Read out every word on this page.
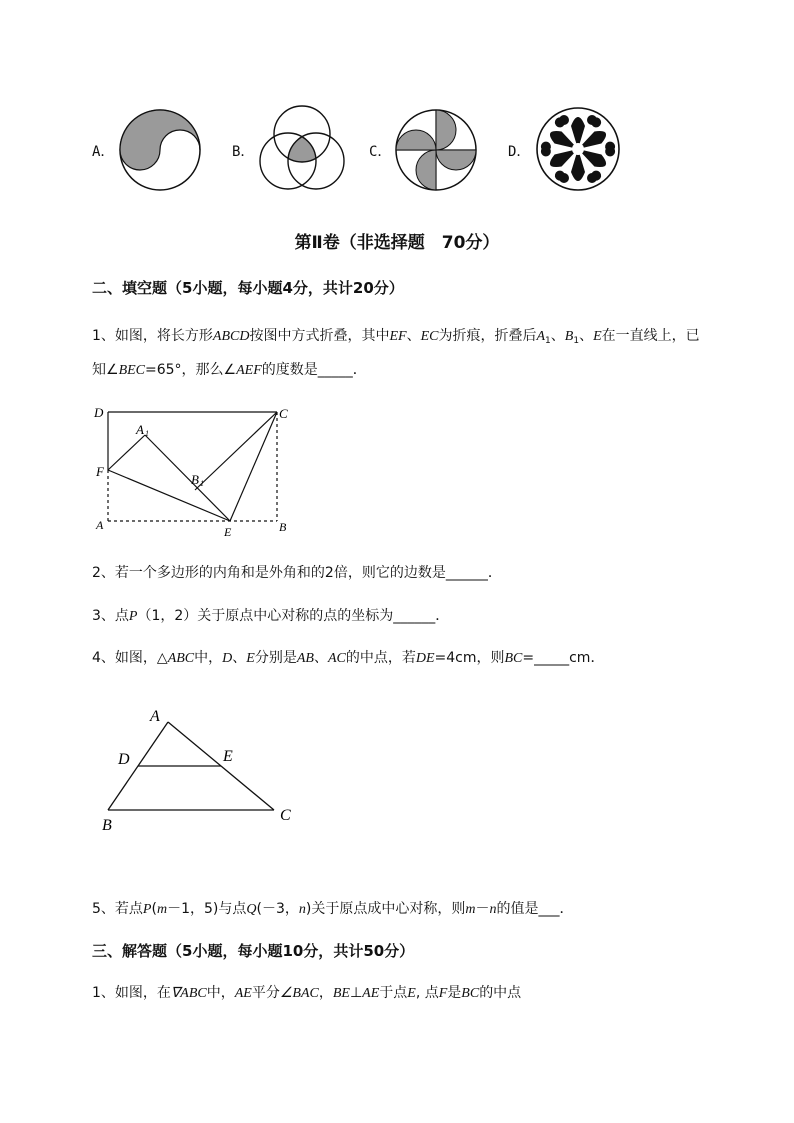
A．	B．	C．	D．
第Ⅱ卷（非选择题　70分）
二、填空题（5小题，每小题4分，共计20分）
1、如图，将长方形ABCD按图中方式折叠，其中EF、EC为折痕，折叠后$A_1$、$B_1$、E在一直线上，已
知∠BEC=65°，那么∠AEF的度数是_____．
D	C
A 1
B 1
F
A	E	B
2、若一个多边形的内角和是外角和的2倍，则它的边数是______．
3、点P（1，2）关于原点中心对称的点的坐标为______．
4、如图，△ABC中，D、E分别是AB、AC的中点，若DE=4cm，则BC=_____cm．
A
D	E
B
C
5、若点P(m－1，5)与点Q(－3，n)关于原点成中心对称，则m－n的值是___．
三、解答题（5小题，每小题10分，共计50分）
1、如图，在∇ABC中，AE平分∠BAC，BE⊥AE于点E, 点F是BC的中点
